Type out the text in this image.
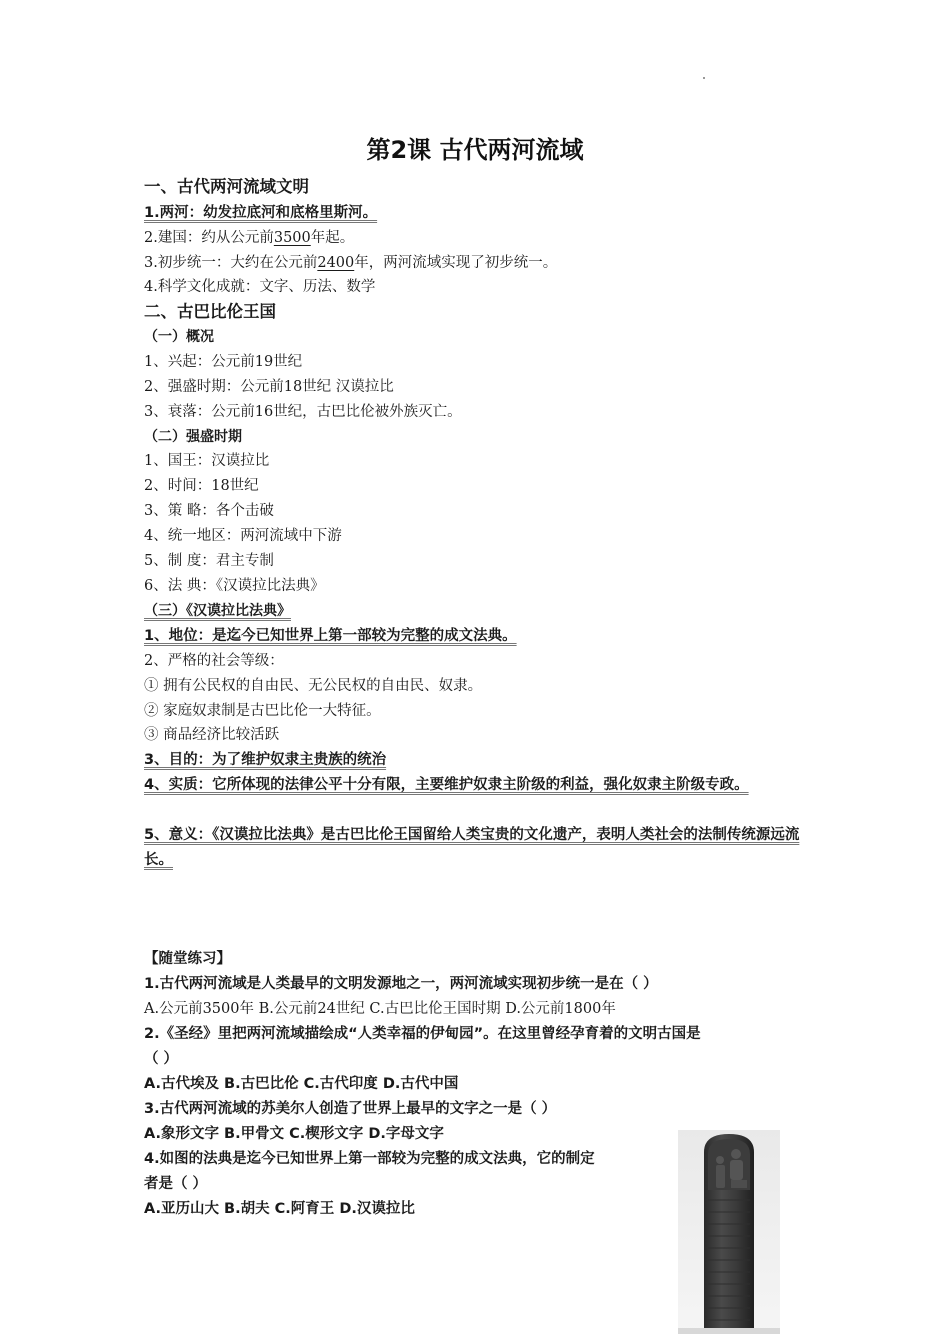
第2课 古代两河流域
一、古代两河流域文明
1.两河：幼发拉底河和底格里斯河。
2.建国：约从公元前3500年起。
3.初步统一：大约在公元前2400年，两河流域实现了初步统一。
4.科学文化成就：文字、历法、数学
二、古巴比伦王国
（一）概况
1、兴起：公元前19世纪
2、强盛时期：公元前18世纪 汉谟拉比
3、衰落：公元前16世纪，古巴比伦被外族灭亡。
（二）强盛时期
1、国王：汉谟拉比
2、时间：18世纪
3、策 略：各个击破
4、统一地区：两河流域中下游
5、制 度：君主专制
6、法 典：《汉谟拉比法典》
（三）《汉谟拉比法典》
1、地位：是迄今已知世界上第一部较为完整的成文法典。
2、严格的社会等级：
① 拥有公民权的自由民、无公民权的自由民、奴隶。
② 家庭奴隶制是古巴比伦一大特征。
③ 商品经济比较活跃
3、目的：为了维护奴隶主贵族的统治
4、实质：它所体现的法律公平十分有限，主要维护奴隶主阶级的利益，强化奴隶主阶级专政。
5、意义：《汉谟拉比法典》是古巴比伦王国留给人类宝贵的文化遗产，表明人类社会的法制传统源远流长。
【随堂练习】
1.古代两河流域是人类最早的文明发源地之一，两河流域实现初步统一是在（ ）
A.公元前3500年 B.公元前24世纪 C.古巴比伦王国时期 D.公元前1800年
2.《圣经》里把两河流域描绘成“人类幸福的伊甸园”。在这里曾经孕育着的文明古国是
（ ）
A.古代埃及 B.古巴比伦 C.古代印度 D.古代中国
3.古代两河流域的苏美尔人创造了世界上最早的文字之一是（ ）
A.象形文字 B.甲骨文 C.楔形文字 D.字母文字
4.如图的法典是迄今已知世界上第一部较为完整的成文法典，它的制定
者是（ ）
A.亚历山大 B.胡夫 C.阿育王 D.汉谟拉比
